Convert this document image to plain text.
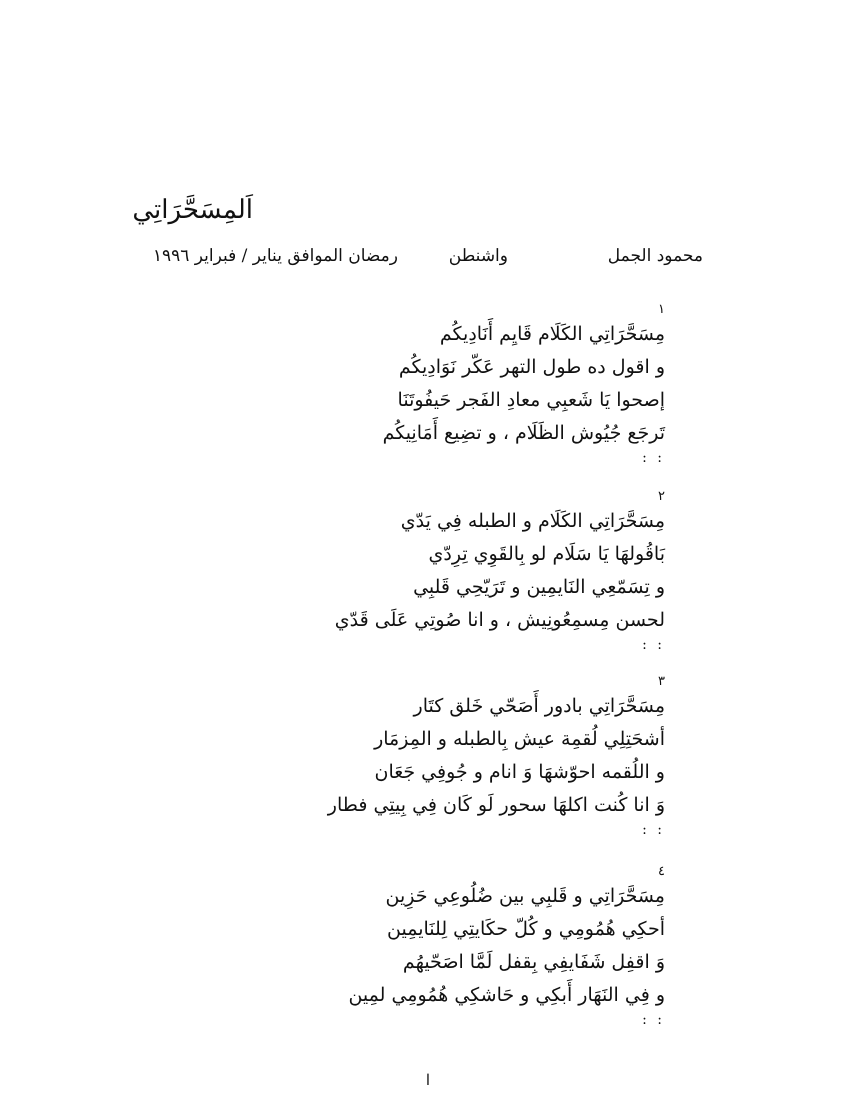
اَلمِسَحَّرَاتِي
محمود الجمل
واشنطن
رمضان الموافق يناير / فبراير ١٩٩٦
١
مِسَحَّرَاتِي الكَلَام قَايِم أَنَادِيكُم
و اقول ده طول التهر عَكّر نَوَادِيكُم
إصحوا يَا شَعبِي معادِ الفَجر حَيفُوتَنَا
تَرجَع جُيُوش الظَلَام ، و تضِيع أَمَانِيكُم
: :
٢
مِسَحَّرَاتِي الكَلَام و الطبله فِي يَدّي
بَاقُولهَا يَا سَلَام لو بِالقَوِي تِرِدّي
و تِسَمّعِي النَايمِين و تَرَيّحِي قَلبِي
لحسن مِسمِعُونِيش ، و انا صُوتِي عَلَى قَدّي
: :
٣
مِسَحَّرَاتِي بادور أَصَحّي خَلق كتَار
أشحَتِلِي لُقمِة عيش بِالطبله و المِزمَار
و اللُقمه احوّشهَا وَ انام و جُوفِي جَعَان
وَ انا كُنت اكلهَا سحور لَو كَان فِي بِيتِي فطار
: :
٤
مِسَحَّرَاتِي و قَلبِي بين ضُلُوعِي حَزِين
أحكِي هُمُومِي و كُلّ حكَايتِي لِلنَايمِين
وَ اقفِل شَفَايفِي بِقفل لَمَّا اصَحّيهُم
و فِي النَهَار أَبكِي و حَاشكِي هُمُومِي لمِين
: :
ا
